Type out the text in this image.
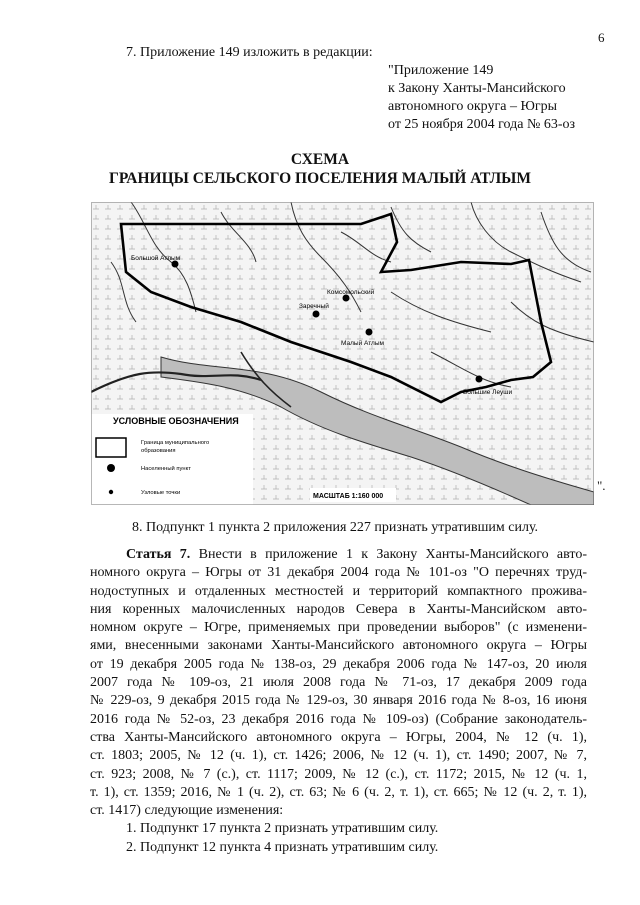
6
7. Приложение 149 изложить в редакции:
"Приложение 149
к Закону Ханты-Мансийского
автономного округа – Югры
от 25 ноября 2004 года № 63-оз
СХЕМА
ГРАНИЦЫ СЕЛЬСКОГО ПОСЕЛЕНИЯ МАЛЫЙ АТЛЫМ
Большой Атлым
Заречный
Комсомольский
Малый Атлым
Большие Леуши
УСЛОВНЫЕ ОБОЗНАЧЕНИЯ
Граница муниципального
образования
Населенный пункт
Узловые точки	МАСШТАБ 1:160 000
".
8. Подпункт 1 пункта 2 приложения 227 признать утратившим силу.

Статья 7. Внести в приложение 1 к Закону Ханты-Мансийского авто-

номного округа – Югры от 31 декабря 2004 года № 101-оз "О перечнях труд-

нодоступных и отдаленных местностей и территорий компактного прожива-

ния коренных малочисленных народов Севера в Ханты-Мансийском авто-

номном округе – Югре, применяемых при проведении выборов" (с изменени-

ями, внесенными законами Ханты-Мансийского автономного округа – Югры

от 19 декабря 2005 года № 138-оз, 29 декабря 2006 года № 147-оз, 20 июля

2007 года № 109-оз, 21 июля 2008 года № 71-оз, 17 декабря 2009 года

№ 229-оз, 9 декабря 2015 года № 129-оз, 30 января 2016 года № 8-оз, 16 июня

2016 года № 52-оз, 23 декабря 2016 года № 109-оз) (Собрание законодатель-

ства Ханты-Мансийского автономного округа – Югры, 2004, № 12 (ч. 1),

ст. 1803; 2005, № 12 (ч. 1), ст. 1426; 2006, № 12 (ч. 1), ст. 1490; 2007, № 7,

ст. 923; 2008, № 7 (с.), ст. 1117; 2009, № 12 (с.), ст. 1172; 2015, № 12 (ч. 1,

т. 1), ст. 1359; 2016, № 1 (ч. 2), ст. 63; № 6 (ч. 2, т. 1), ст. 665; № 12 (ч. 2, т. 1),

ст. 1417) следующие изменения:

1. Подпункт 17 пункта 2 признать утратившим силу.

2. Подпункт 12 пункта 4 признать утратившим силу.
